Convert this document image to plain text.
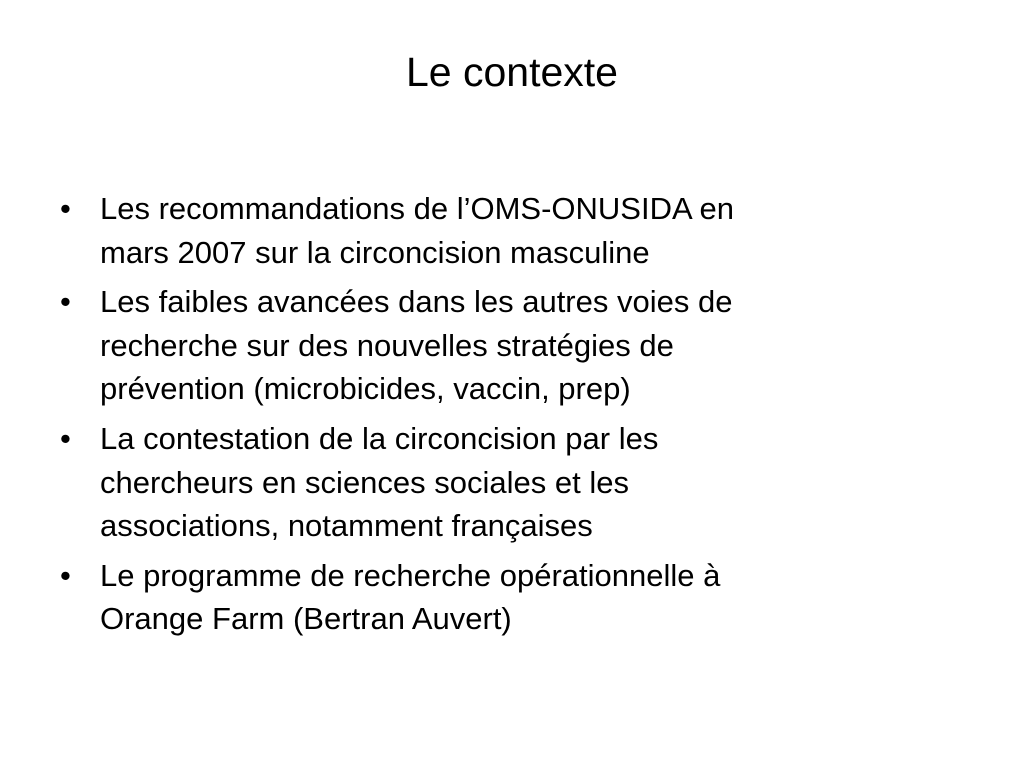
Le contexte
• Les recommandations de l’OMS-ONUSIDA en
mars 2007 sur la circoncision masculine
• Les faibles avancées dans les autres voies de
recherche sur des nouvelles stratégies de
prévention (microbicides, vaccin, prep)
• La contestation de la circoncision par les
chercheurs en sciences sociales et les
associations, notamment françaises
• Le programme de recherche opérationnelle à
Orange Farm (Bertran Auvert)
